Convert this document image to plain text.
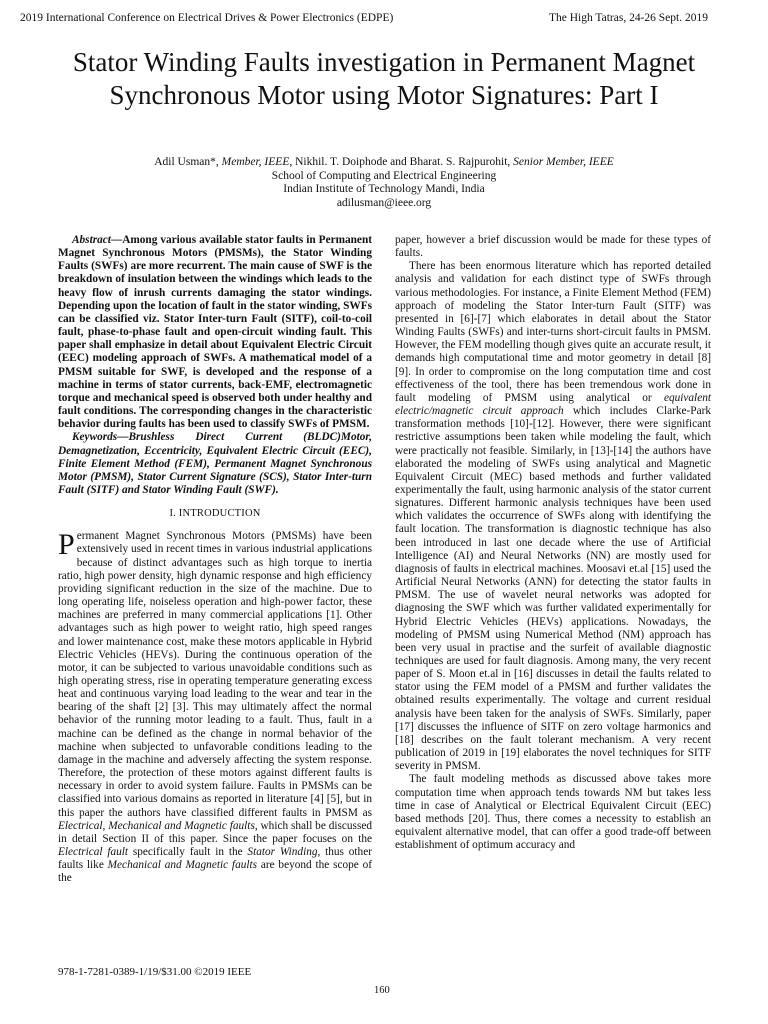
2019 International Conference on Electrical Drives & Power Electronics (EDPE)	The High Tatras, 24-26 Sept. 2019
Stator Winding Faults investigation in Permanent Magnet Synchronous Motor using Motor Signatures: Part I
Adil Usman*, Member, IEEE, Nikhil. T. Doiphode and Bharat. S. Rajpurohit, Senior Member, IEEE
School of Computing and Electrical Engineering
Indian Institute of Technology Mandi, India
adilusman@ieee.org

Abstract—Among various available stator faults in Permanent Magnet Synchronous Motors (PMSMs), the Stator Winding Faults (SWFs) are more recurrent. The main cause of SWF is the breakdown of insulation between the windings which leads to the heavy flow of inrush currents damaging the stator windings. Depending upon the location of fault in the stator winding, SWFs can be classified viz. Stator Inter-turn Fault (SITF), coil-to-coil fault, phase-to-phase fault and open-circuit winding fault. This paper shall emphasize in detail about Equivalent Electric Circuit (EEC) modeling approach of SWFs. A mathematical model of a PMSM suitable for SWF, is developed and the response of a machine in terms of stator currents, back-EMF, electromagnetic torque and mechanical speed is observed both under healthy and fault conditions. The corresponding changes in the characteristic behavior during faults has been used to classify SWFs of PMSM.

Keywords—Brushless Direct Current (BLDC)Motor, Demagnetization, Eccentricity, Equivalent Electric Circuit (EEC), Finite Element Method (FEM), Permanent Magnet Synchronous Motor (PMSM), Stator Current Signature (SCS), Stator Inter-turn Fault (SITF) and Stator Winding Fault (SWF).

I. INTRODUCTION

Permanent Magnet Synchronous Motors (PMSMs) have been extensively used in recent times in various industrial applications because of distinct advantages such as high torque to inertia ratio, high power density, high dynamic response and high efficiency providing significant reduction in the size of the machine. Due to long operating life, noiseless operation and high-power factor, these machines are preferred in many commercial applications [1]. Other advantages such as high power to weight ratio, high speed ranges and lower maintenance cost, make these motors applicable in Hybrid Electric Vehicles (HEVs). During the continuous operation of the motor, it can be subjected to various unavoidable conditions such as high operating stress, rise in operating temperature generating excess heat and continuous varying load leading to the wear and tear in the bearing of the shaft [2] [3]. This may ultimately affect the normal behavior of the running motor leading to a fault. Thus, fault in a machine can be defined as the change in normal behavior of the machine when subjected to unfavorable conditions leading to the damage in the machine and adversely affecting the system response. Therefore, the protection of these motors against different faults is necessary in order to avoid system failure. Faults in PMSMs can be classified into various domains as reported in literature [4] [5], but in this paper the authors have classified different faults in PMSM as Electrical, Mechanical and Magnetic faults, which shall be discussed in detail Section II of this paper. Since the paper focuses on the Electrical fault specifically fault in the Stator Winding, thus other faults like Mechanical and Magnetic faults are beyond the scope of the

paper, however a brief discussion would be made for these types of faults.

There has been enormous literature which has reported detailed analysis and validation for each distinct type of SWFs through various methodologies. For instance, a Finite Element Method (FEM) approach of modeling the Stator Inter-turn Fault (SITF) was presented in [6]-[7] which elaborates in detail about the Stator Winding Faults (SWFs) and inter-turns short-circuit faults in PMSM. However, the FEM modelling though gives quite an accurate result, it demands high computational time and motor geometry in detail [8] [9]. In order to compromise on the long computation time and cost effectiveness of the tool, there has been tremendous work done in fault modeling of PMSM using analytical or equivalent electric/magnetic circuit approach which includes Clarke-Park transformation methods [10]-[12]. However, there were significant restrictive assumptions been taken while modeling the fault, which were practically not feasible. Similarly, in [13]-[14] the authors have elaborated the modeling of SWFs using analytical and Magnetic Equivalent Circuit (MEC) based methods and further validated experimentally the fault, using harmonic analysis of the stator current signatures. Different harmonic analysis techniques have been used which validates the occurrence of SWFs along with identifying the fault location. The transformation is diagnostic technique has also been introduced in last one decade where the use of Artificial Intelligence (AI) and Neural Networks (NN) are mostly used for diagnosis of faults in electrical machines. Moosavi et.al [15] used the Artificial Neural Networks (ANN) for detecting the stator faults in PMSM. The use of wavelet neural networks was adopted for diagnosing the SWF which was further validated experimentally for Hybrid Electric Vehicles (HEVs) applications. Nowadays, the modeling of PMSM using Numerical Method (NM) approach has been very usual in practise and the surfeit of available diagnostic techniques are used for fault diagnosis. Among many, the very recent paper of S. Moon et.al in [16] discusses in detail the faults related to stator using the FEM model of a PMSM and further validates the obtained results experimentally. The voltage and current residual analysis have been taken for the analysis of SWFs. Similarly, paper [17] discusses the influence of SITF on zero voltage harmonics and [18] describes on the fault tolerant mechanism. A very recent publication of 2019 in [19] elaborates the novel techniques for SITF severity in PMSM.

The fault modeling methods as discussed above takes more computation time when approach tends towards NM but takes less time in case of Analytical or Electrical Equivalent Circuit (EEC) based methods [20]. Thus, there comes a necessity to establish an equivalent alternative model, that can offer a good trade-off between establishment of optimum accuracy and

978-1-7281-0389-1/19/$31.00 ©2019 IEEE
160
